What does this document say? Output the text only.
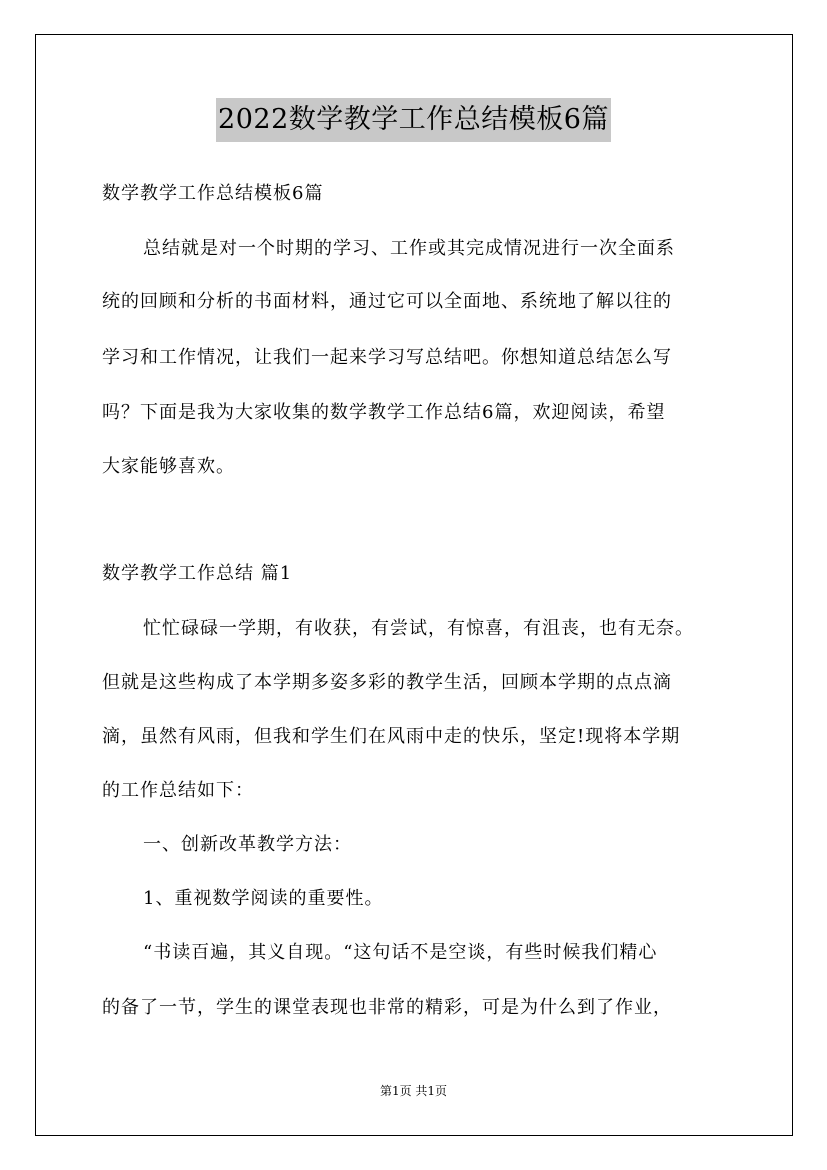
2022数学教学工作总结模板6篇
数学教学工作总结模板6篇
总结就是对一个时期的学习、工作或其完成情况进行一次全面系
统的回顾和分析的书面材料，通过它可以全面地、系统地了解以往的
学习和工作情况，让我们一起来学习写总结吧。你想知道总结怎么写
吗？下面是我为大家收集的数学教学工作总结6篇，欢迎阅读，希望
大家能够喜欢。
数学教学工作总结 篇1
忙忙碌碌一学期，有收获，有尝试，有惊喜，有沮丧，也有无奈。
但就是这些构成了本学期多姿多彩的教学生活，回顾本学期的点点滴
滴，虽然有风雨，但我和学生们在风雨中走的快乐，坚定!现将本学期
的工作总结如下：
一、创新改革教学方法：
1、重视数学阅读的重要性。
“书读百遍，其义自现。“这句话不是空谈，有些时候我们精心
的备了一节，学生的课堂表现也非常的精彩，可是为什么到了作业，
第1页 共1页
